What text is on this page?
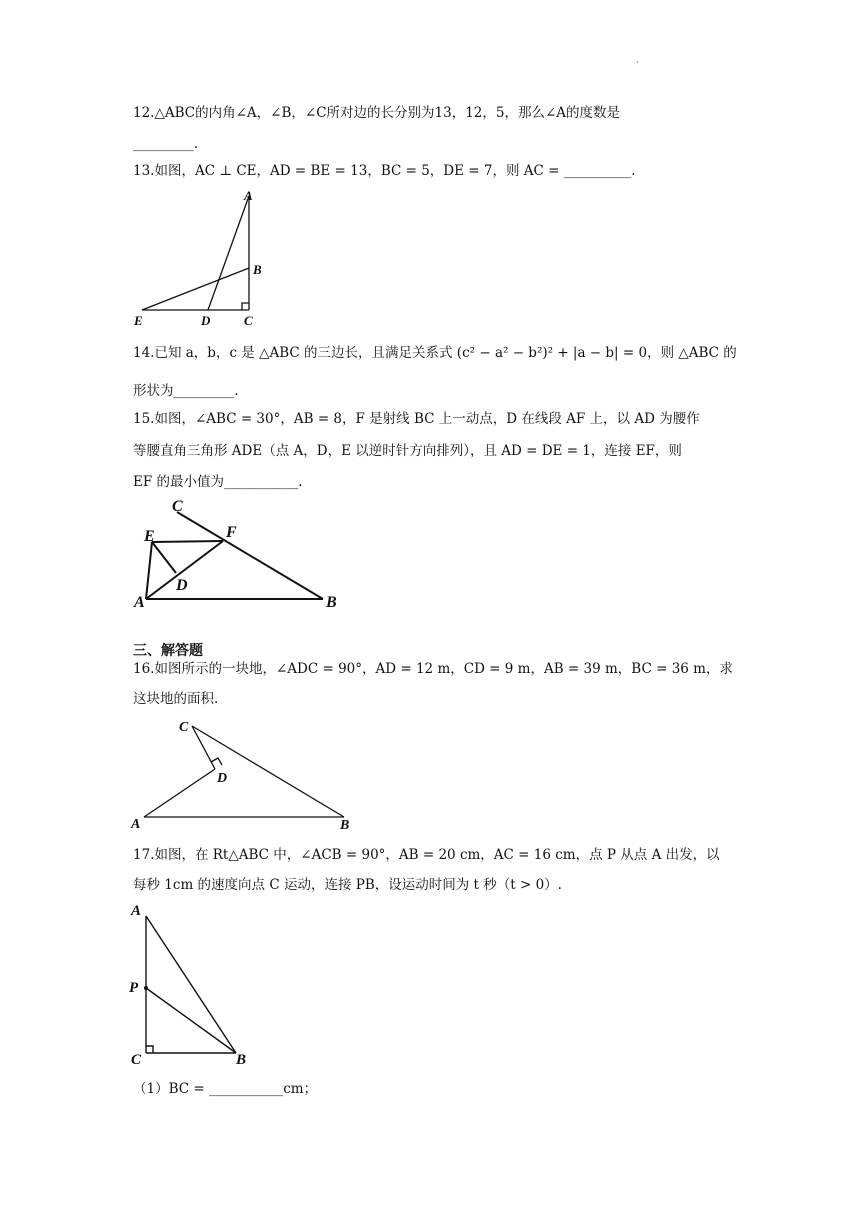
·
12.△ABC的内角∠A，∠B，∠C所对边的长分别为13，12，5，那么∠A的度数是
_________.
13.如图，AC ⊥ CE，AD = BE = 13，BC = 5，DE = 7，则 AC = __________.
A
B
E	D	C
14.已知 a，b，c 是 △ABC 的三边长，且满足关系式 (c² − a² − b²)² + |a − b| = 0，则 △ABC 的
形状为_________.
15.如图，∠ABC = 30°，AB = 8，F 是射线 BC 上一动点，D 在线段 AF 上，以 AD 为腰作
等腰直角三角形 ADE（点 A，D，E 以逆时针方向排列），且 AD = DE = 1，连接 EF，则
EF 的最小值为___________.
C
E	F
D
A	B
三、解答题
16.如图所示的一块地，∠ADC = 90°，AD = 12 m，CD = 9 m，AB = 39 m，BC = 36 m，求
这块地的面积.
C
D
A	B
17.如图，在 Rt△ABC 中，∠ACB = 90°，AB = 20 cm，AC = 16 cm，点 P 从点 A 出发，以
每秒 1cm 的速度向点 C 运动，连接 PB，设运动时间为 t 秒（t > 0）.
A
P
C	B
（1）BC = ___________cm；
